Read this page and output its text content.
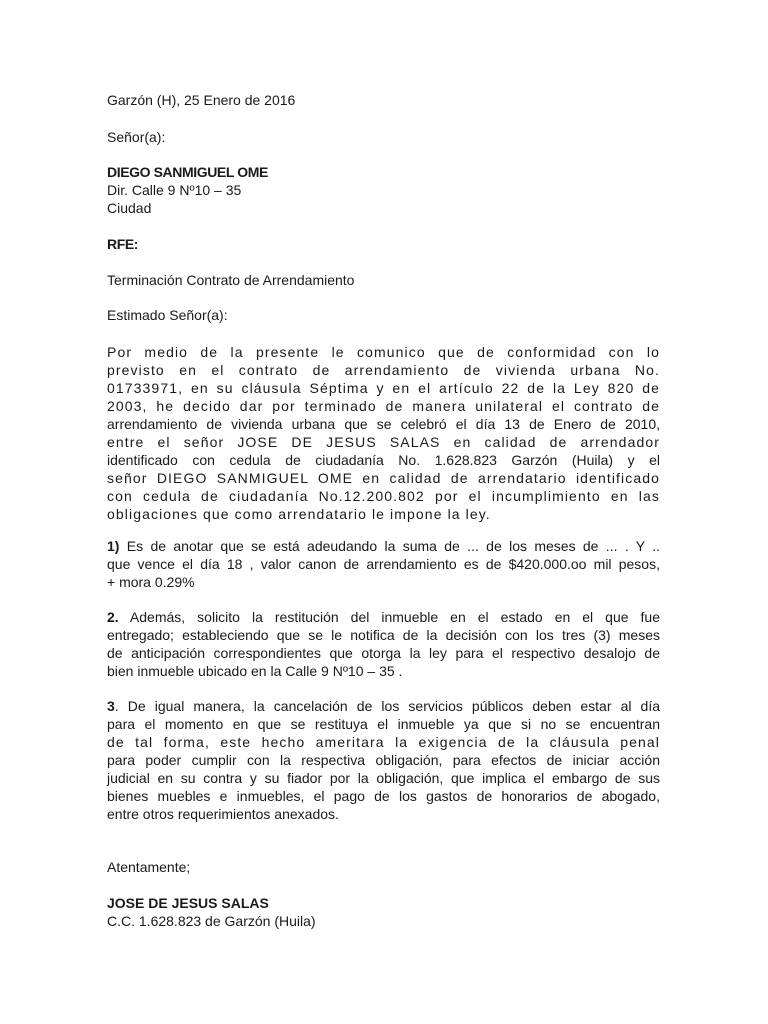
Garzón (H), 25 Enero de 2016

Señor(a):

DIEGO SANMIGUEL OME
Dir. Calle 9 Nº10 – 35
Ciudad

RFE:

Terminación Contrato de Arrendamiento

Estimado Señor(a):

Por medio de la presente le comunico que de conformidad con lo
previsto en el contrato de arrendamiento de vivienda urbana No.
01733971, en su cláusula Séptima y en el artículo 22 de la Ley 820 de
2003, he decido dar por terminado de manera unilateral el contrato de
arrendamiento de vivienda urbana que se celebró el día 13 de Enero de 2010,
entre el señor JOSE DE JESUS SALAS en calidad de arrendador
identificado con cedula de ciudadanía No. 1.628.823 Garzón (Huila) y el
señor DIEGO SANMIGUEL OME en calidad de arrendatario identificado
con cedula de ciudadanía No.12.200.802 por el incumplimiento en las
obligaciones que como arrendatario le impone la ley.
1) Es de anotar que se está adeudando la suma de ... de los meses de ... . Y ..
que vence el día 18 , valor canon de arrendamiento es de $420.000.oo mil pesos,
+ mora 0.29%
2. Además, solicito la restitución del inmueble en el estado en el que fue
entregado; estableciendo que se le notifica de la decisión con los tres (3) meses
de anticipación correspondientes que otorga la ley para el respectivo desalojo de
bien inmueble ubicado en la Calle 9 Nº10 – 35 .
3. De igual manera, la cancelación de los servicios públicos deben estar al día
para el momento en que se restituya el inmueble ya que si no se encuentran
de tal forma, este hecho ameritara la exigencia de la cláusula penal
para poder cumplir con la respectiva obligación, para efectos de iniciar acción
judicial en su contra y su fiador por la obligación, que implica el embargo de sus
bienes muebles e inmuebles, el pago de los gastos de honorarios de abogado,
entre otros requerimientos anexados.

Atentamente;

JOSE DE JESUS SALAS
C.C. 1.628.823 de Garzón (Huila)
